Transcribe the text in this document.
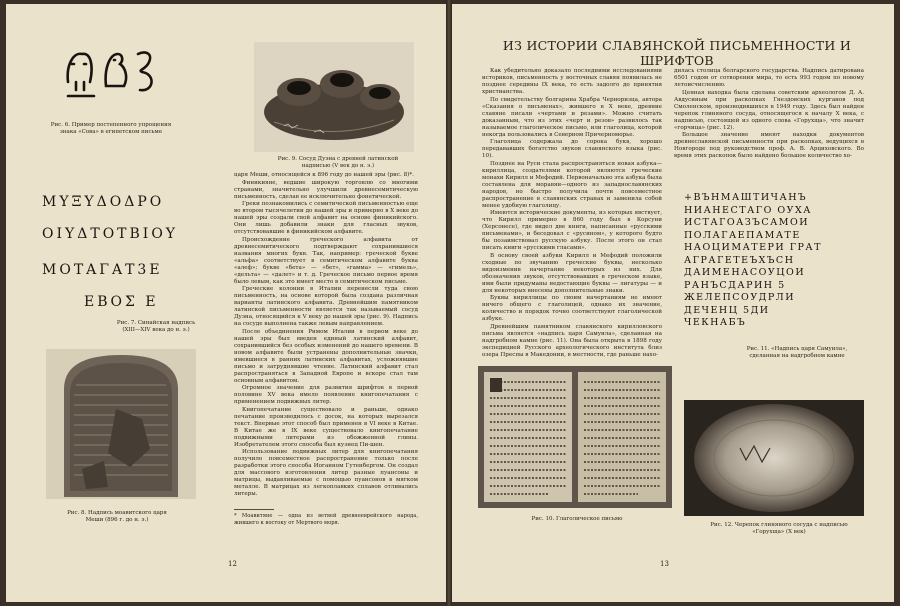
Рис. 6. Пример постепенного упрощения знака «Сова» в египетском письме
Рис. 9. Сосуд Дуэна с древней латинской надписью (V век до н. э.)
ΜΥΞΥΔΟΔΡΟ
ΟΙΥΔΤΟΤΒΙΟΥ
ΜΟΤΑΓΑΤ3Ε
ΕΒΟΣ Ε
Рис. 7. Синайская надпись (XIII—XIV века до н. э.)
Рис. 8. Надпись моавитского царя Меши (896 г. до н. э.)

царя Меши, относящейся к 896 году до нашей эры (рис. 8)*.

Финикияне, ведшие широкую торговлю со многими странами, значительно улучшили древнесемитическую письменность, сделав ее исключительно фонетической.

Греки познакомились с семитической письменностью еще во втором тысячелетии до нашей эры и примерно в X веке до нашей эры создали свой алфавит на основе финикийского. Они лишь добавили знаки для гласных звуков, отсутствовавшие в финикийском алфавите.

Происхождение греческого алфавита от древнесемитического подтверждают сохранившиеся названия многих букв. Так, например: греческой букве «альфа» соответствует в семитическом алфавите буква «алеф»; букве «бета» — «бет», «гамма» — «гимель», «дельта» — «далет» и т. д. Греческое письмо первое время было левым, как это имеет место в семитическом письме.

Греческие колонии в Италии перенесли туда свою письменность, на основе которой была создана различная варианты латинского алфавита. Древнейшим памятником латинской письменности является так называемый сосуд Дуэна, относящийся к V веку до нашей эры (рис. 9). Надпись на сосуде выполнена также левым направлением.

После объединения Римом Италии в первом веке до нашей эры был введен единый латинский алфавит, сохранившийся без особых изменений до нашего времени. В новом алфавите были устранены дополнительные значки, имевшиеся в ранних латинских алфавитах, усложнявшие письмо и затруднявшие чтение. Латинский алфавит стал распространяться в Западной Европе и вскоре стал там основным алфавитом.

Огромное значение для развития шрифтов в первой половине XV века имело появление книгопечатания с применением подвижных литер.

Книгопечатание существовало и раньше, однако печатание производилось с досок, на которых вырезался текст. Впервые этот способ был применен в VI веке в Китае. В Китае же в IX веке существовало книгопечатание подвижными литерами из обожженной глины. Изобретателем этого способа был кузнец Пи-шен.

Использование подвижных литер для книгопечатания получило повсеместное распространение только после разработки этого способа Иоганном Гутенбергом. Он создал для массового изготовления литер разные пуансоны и матрицы, выдавливаемые с помощью пуансонов в мягком металле. В матрицах из легкоплавких сплавов отливались литеры.

* Моавитяне — одна из ветвей древнееврейского народа, жившего к востоку от Мертвого моря.
12
ИЗ ИСТОРИИ СЛАВЯНСКОЙ ПИСЬМЕННОСТИ И ШРИФТОВ

Как убедительно доказало последними исследованиями историков, письменность у восточных славян появилась не позднее середины IX века, то есть задолго до принятия христианства.

По свидетельству болгарина Храбра Черноризца, автора «Сказания о письменах», жившего в X веке, древние славяне писали «чертами и резами». Можно считать доказанным, что из этих «черт и резов» развилось так называемое глаголическое письмо, или глаголица, которой некогда пользовались в Северном Причерноморье.

Глаголица содержала до сорока букв, хорошо передававших богатство звуков славянского языка (рис. 10).

Позднее на Руси стала распространяться новая азбука—кириллица, создателями которой являются греческие монахи Кирилл и Мефодий. Первоначально эта азбука была составлена для моравян—одного из западнославянских народов, но быстро получила почти повсеместное распространение в славянских странах и заменила собой менее удобную глаголицу.

Имеются исторические документы, из которых явствует, что Кирилл примерно в 860 году был в Корсуни (Херсонесе), где видел две книги, написанные «русскими письменами», и беседовал с «русином», у которого будто бы позаимствовал русскую азбуку. После этого он стал писать книги «русскими гласами».

В основу своей азбуки Кирилл и Мефодий положили сходные по звучанию греческие буквы, несколько видоизменив начертание некоторых из них. Для обозначения звуков, отсутствовавших в греческом языке, ими были придуманы недостающие буквы — лигатуры — и для некоторых внесены дополнительные знаки.

Буквы кириллицы по своим начертаниям не имеют ничего общего с глаголицей, однако их значение, количество и порядок точно соответствуют глаголической азбуке.

Древнейшим памятником славянского кирилловского письма является «надпись царя Самуила», сделанная на надгробном камне (рис. 11). Она была открыта в 1898 году экспедицией Русского археологического института близ озера Преспы в Македонии, в местности, где раньше нахо-

дилась столица болгарского государства. Надпись датирована 6501 годом от сотворения мира, то есть 993 годом по новому летоисчислению.

Ценная находка была сделана советским археологом Д. А. Авдусиным при раскопках Гнездовских курганов под Смоленском, производившихся в 1949 году. Здесь был найден черепок глиняного сосуда, относящегося к началу X века, с надписью, состоящей из одного слова «Горухща», что значит «горчица» (рис. 12).

Большое значение имеют находки документов древнеславянской письменности при раскопках, ведущихся в Новгороде под руководством проф. А. В. Арциховского. Во время этих раскопок было найдено большое количество хо-

+ВЪНМАШТИЧАНЪ
НИАНЕСТАГО ОУХА
ИСТАГОАЗЪСАМОИ
ПОЛАГАЕПАМАТЕ
НАОЦИМАТЕРИ ГРАТ
АГРАГЕТЕЪХЪСН
ДАИМЕНАСОУЦОИ
РАНЪСДАРИН 5
ЖЕЛЕПСОУДРЛИ
ДЕЧЕНЦ 5ДИ
ЧЕКНАБЪ
Рис. 11. «Надпись царя Самуила», сделанная на надгробном камне
Рис. 10. Глаголическое письмо
Рис. 12. Черепок глиняного сосуда с надписью «Горухща» (X век)
13
